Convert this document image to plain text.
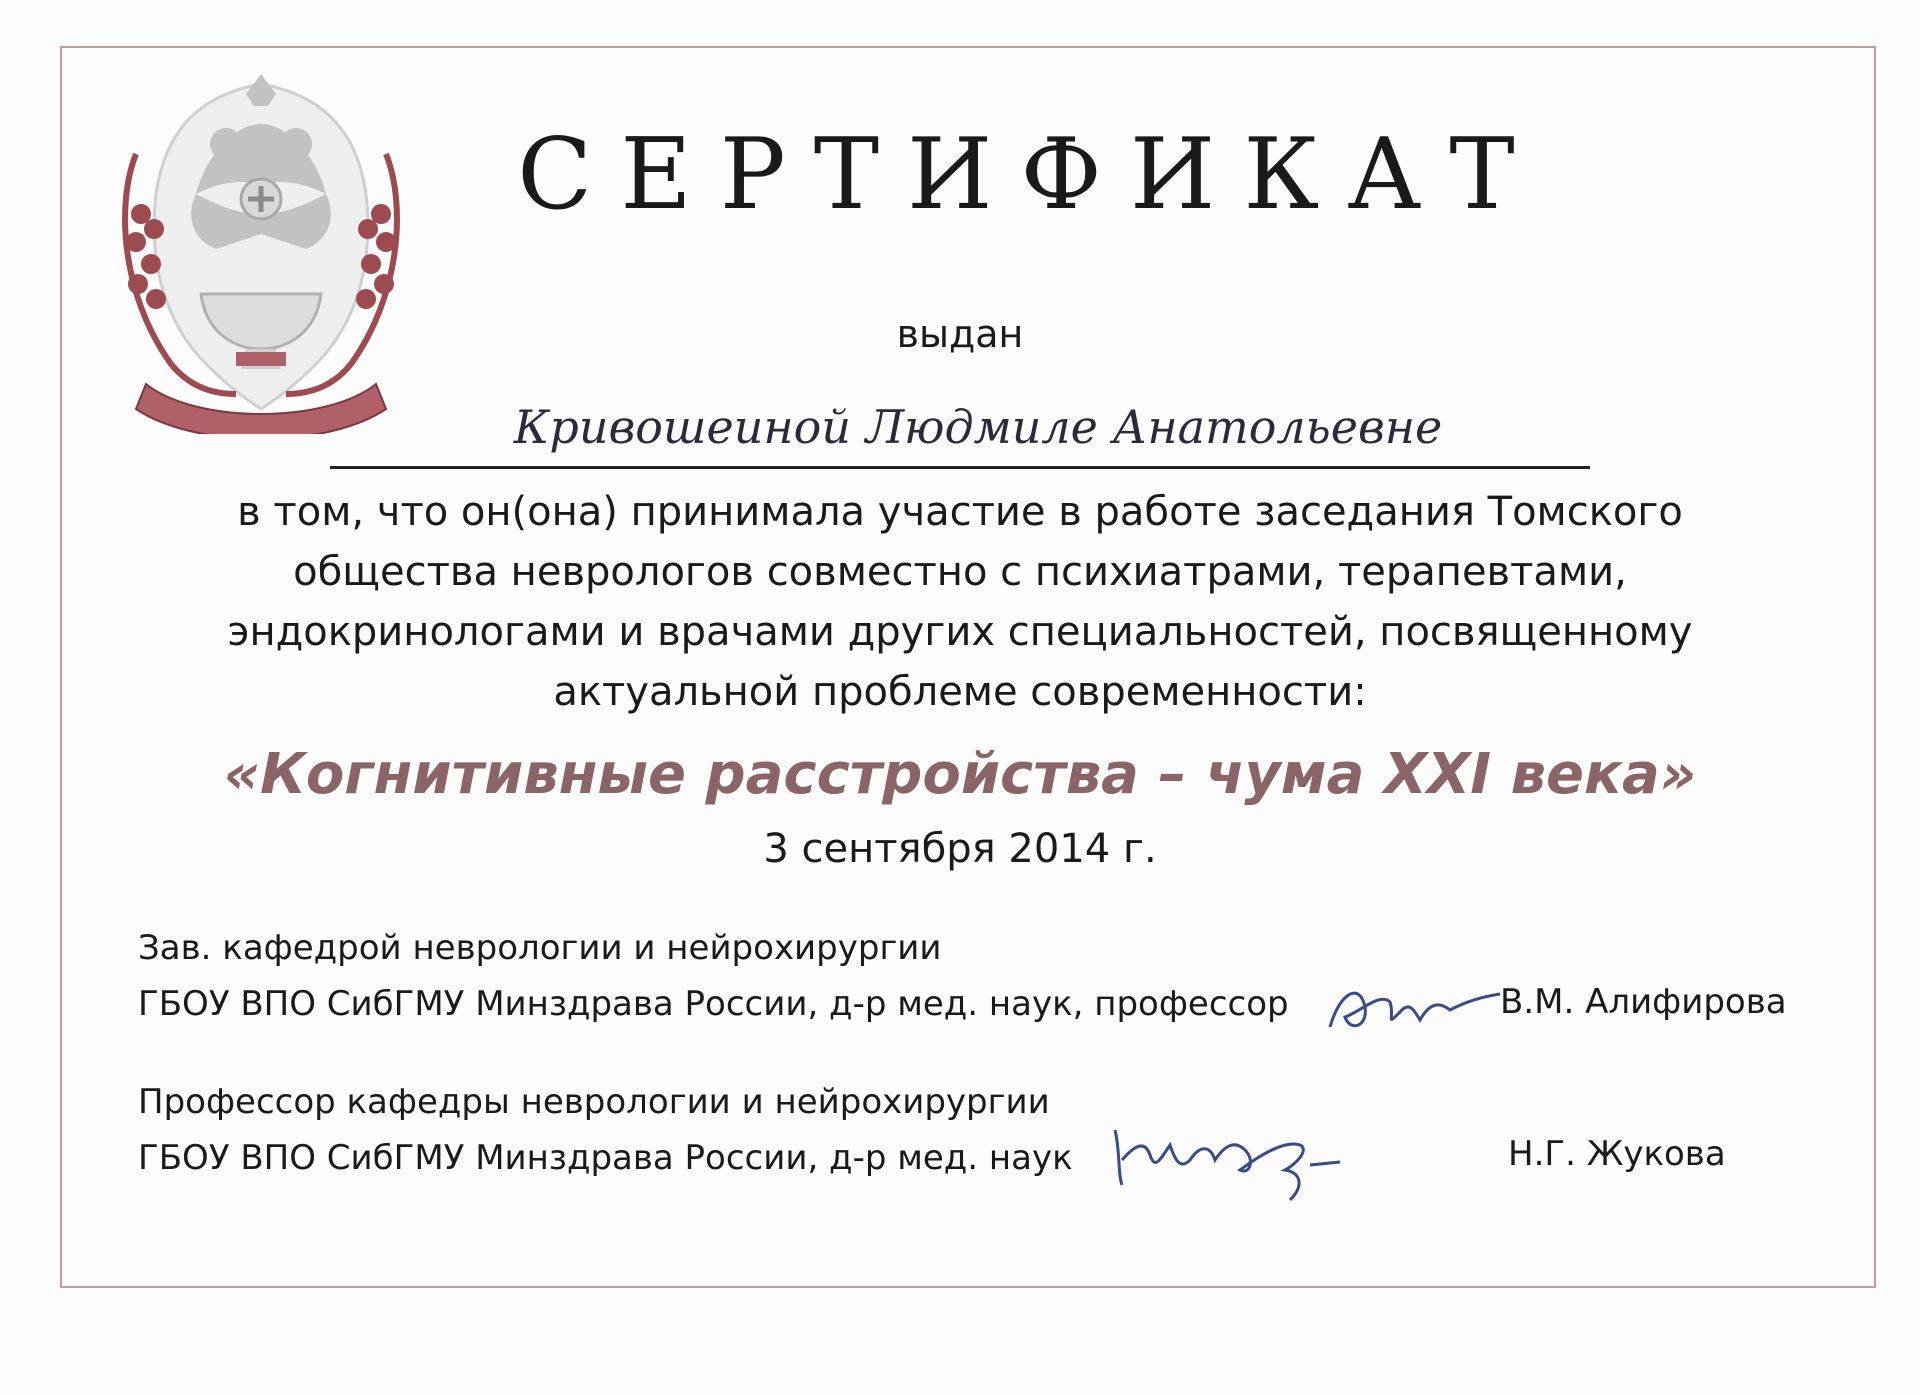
СЕРТИФИКАТ
выдан
Кривошеиной Людмиле Анатольевне
в том, что он(она) принимала участие в работе заседания Томского
общества неврологов совместно с психиатрами, терапевтами,
эндокринологами и врачами других специальностей, посвященному
актуальной проблеме современности:
«Когнитивные расстройства – чума XXI века»
3 сентября 2014 г.
Зав. кафедрой неврологии и нейрохирургии
ГБОУ ВПО СибГМУ Минздрава России, д-р мед. наук, профессор	В.М. Алифирова
Профессор кафедры неврологии и нейрохирургии
ГБОУ ВПО СибГМУ Минздрава России, д-р мед. наук	Н.Г. Жукова
